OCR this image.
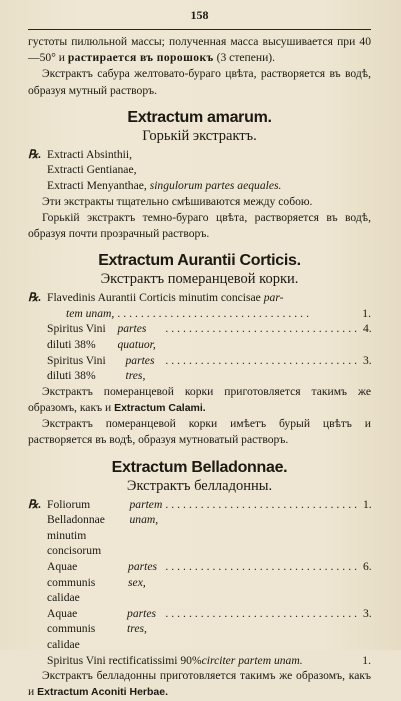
158

густоты пилюльной массы; полученная масса высушивается при 40—50° и растирается въ порошокъ (3 степени).

Экстрактъ сабура желтовато-бураго цвѣта, растворяется въ водѣ, образуя мутный растворъ.

Extractum amarum.
Горькій экстрактъ.
℞. Extracti Absinthii,
Extracti Gentianae,
Extracti Menyanthae, singulorum partes aequales.

Эти экстракты тщательно смѣшиваются между собою.

Горькій экстрактъ темно-бураго цвѣта, растворяется въ водѣ, образуя почти прозрачный растворъ.

Extractum Aurantii Corticis.
Экстрактъ померанцевой корки.
℞. Flavedinis Aurantii Corticis minutim concisae par-
tem unam, .................................	1.
Spiritus Vini diluti 38%
partes quatuor,
................................. 4.
Spiritus Vini diluti 38%
partes tres,
................................. 3.

Экстрактъ померанцевой корки приготовляется такимъ же образомъ, какъ и Extractum Calami.

Экстрактъ померанцевой корки имѣетъ бурый цвѣтъ и растворяется въ водѣ, образуя мутноватый растворъ.

Extractum Belladonnae.
Экстрактъ белладонны.
℞. Foliorum Belladonnae minutim concisorum
partem unam,
................................. 1.
Aquae communis calidae
partes sex,
................................. 6.
Aquae communis calidae
partes tres,
................................. 3.
Spiritus Vini rectificatissimi 90% circiter partem unam.	1.

Экстрактъ белладонны приготовляется такимъ же образомъ, какъ и Extractum Aconiti Herbae.
